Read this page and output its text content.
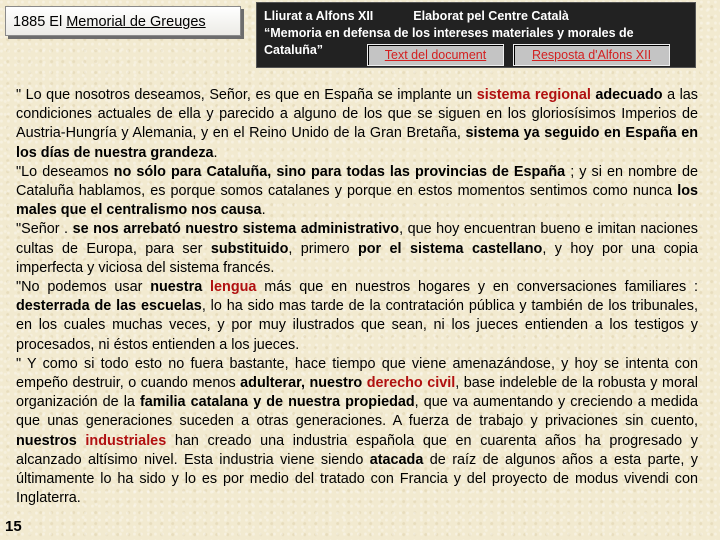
1885 El Memorial de Greuges	Lliurat a Alfons XII	Elaborat pel Centre Català
“Memoria en defensa de los intereses materiales y morales de
Cataluña”	Text del document	Resposta d'Alfons XII

" Lo que nosotros deseamos, Señor, es que en España se implante un sistema regional adecuado a las condiciones actuales de ella y parecido a alguno de los que se siguen en los gloriosísimos Imperios de Austria-Hungría y Alemania, y en el Reino Unido de la Gran Bretaña, sistema ya seguido en España en los días de nuestra grandeza.

"Lo deseamos no sólo para Cataluña, sino para todas las provincias de España ; y si en nombre de Cataluña hablamos, es porque somos catalanes y porque en estos momentos sentimos como nunca los males que el centralismo nos causa.

"Señor . se nos arrebató nuestro sistema administrativo, que hoy encuentran bueno e imitan naciones cultas de Europa, para ser substituido, primero por el sistema castellano, y hoy por una copia imperfecta y viciosa del sistema francés.

"No podemos usar nuestra lengua más que en nuestros hogares y en conversaciones familiares : desterrada de las escuelas, lo ha sido mas tarde de la contratación pública y también de los tribunales, en los cuales muchas veces, y por muy ilustrados que sean, ni los jueces entienden a los testigos y procesados, ni éstos entienden a los jueces.

" Y como si todo esto no fuera bastante, hace tiempo que viene amenazándose, y hoy se intenta con empeño destruir, o cuando menos adulterar, nuestro derecho civil, base indeleble de la robusta y moral organización de la familia catalana y de nuestra propiedad, que va aumentando y creciendo a medida que unas generaciones suceden a otras generaciones. A fuerza de trabajo y privaciones sin cuento, nuestros industriales han creado una industria española que en cuarenta años ha progresado y alcanzado altísimo nivel. Esta industria viene siendo atacada de raíz de algunos años a esta parte, y últimamente lo ha sido y lo es por medio del tratado con Francia y del proyecto de modus vivendi con Inglaterra.

15
